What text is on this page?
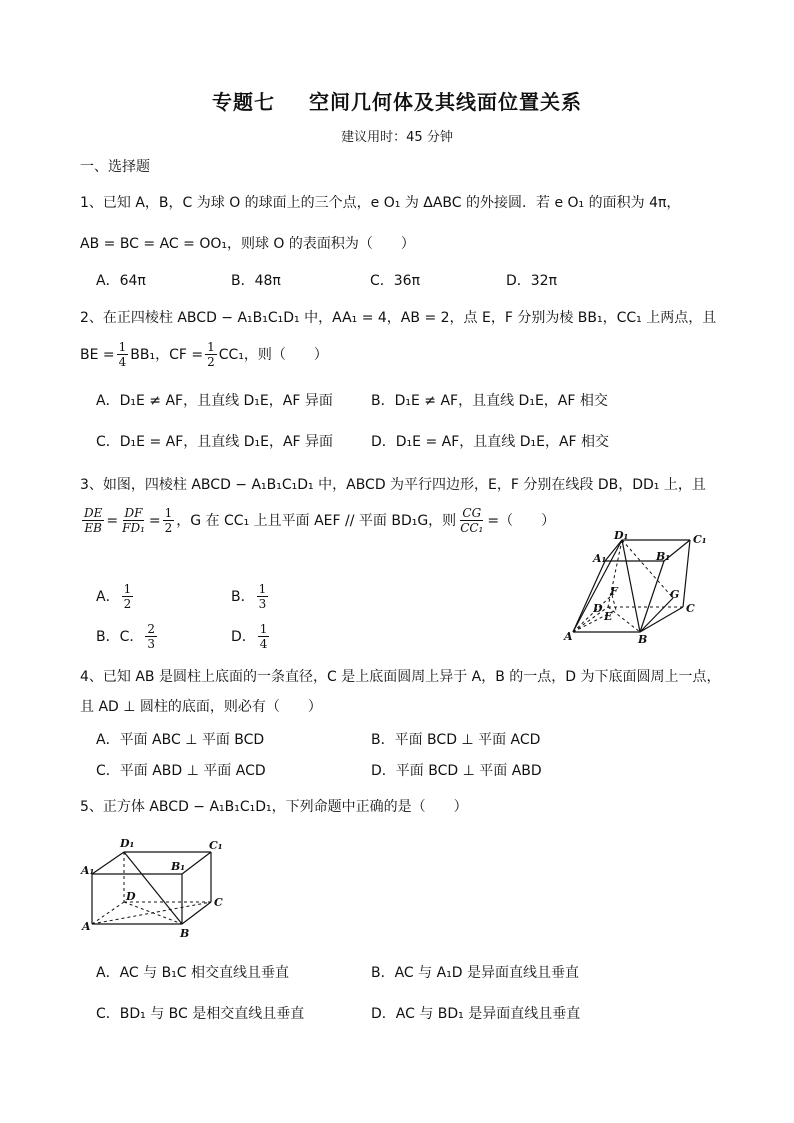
专题七 空间几何体及其线面位置关系
建议用时：45 分钟
一、选择题
1、已知 A，B，C 为球 O 的球面上的三个点，e O₁ 为 ΔABC 的外接圆．若 e O₁ 的面积为 4π，
AB = BC = AC = OO₁，则球 O 的表面积为（　　）
A．64π	B．48π	C．36π	D．32π
2、在正四棱柱 ABCD − A₁B₁C₁D₁ 中，AA₁ = 4，AB = 2，点 E，F 分别为棱 BB₁，CC₁ 上两点，且
BE = $\frac{1}{4} BB_1$，CF = $\frac{1}{2} CC_1$，则（　　）
A．D₁E ≠ AF，且直线 D₁E，AF 异面	B．D₁E ≠ AF，且直线 D₁E，AF 相交
C．D₁E = AF，且直线 D₁E，AF 异面	D．D₁E = AF，且直线 D₁E，AF 相交
3、如图，四棱柱 ABCD − A₁B₁C₁D₁ 中，ABCD 为平行四边形，E，F 分别在线段 DB，DD₁ 上，且
$\frac{DE}{EB} = \frac{DF}{\text{FD₁}} = \frac{1}{2}$ ，G 在 CC₁ 上且平面 AEF // 平面 BD₁G，则 $\frac{CG}{\text{CC₁}}$ =（　　）
A． $\frac{1}{2}$	B． $\frac{1}{3}$
B．C． $\frac{2}{3}$	D． $\frac{1}{4}$
D₁	C₁
A₁	B₁
F	G
D
E
C
A	B
4、已知 AB 是圆柱上底面的一条直径，C 是上底面圆周上异于 A，B 的一点，D 为下底面圆周上一点，
且 AD ⊥ 圆柱的底面，则必有（　　）
A．平面 ABC ⊥ 平面 BCD	B．平面 BCD ⊥ 平面 ACD
C．平面 ABD ⊥ 平面 ACD	D．平面 BCD ⊥ 平面 ABD
5、正方体 ABCD − A₁B₁C₁D₁，下列命题中正确的是（　　）
D₁	C₁
A₁	B₁
D	C
A
B
A．AC 与 B₁C 相交直线且垂直	B．AC 与 A₁D 是异面直线且垂直
C．BD₁ 与 BC 是相交直线且垂直	D．AC 与 BD₁ 是异面直线且垂直
